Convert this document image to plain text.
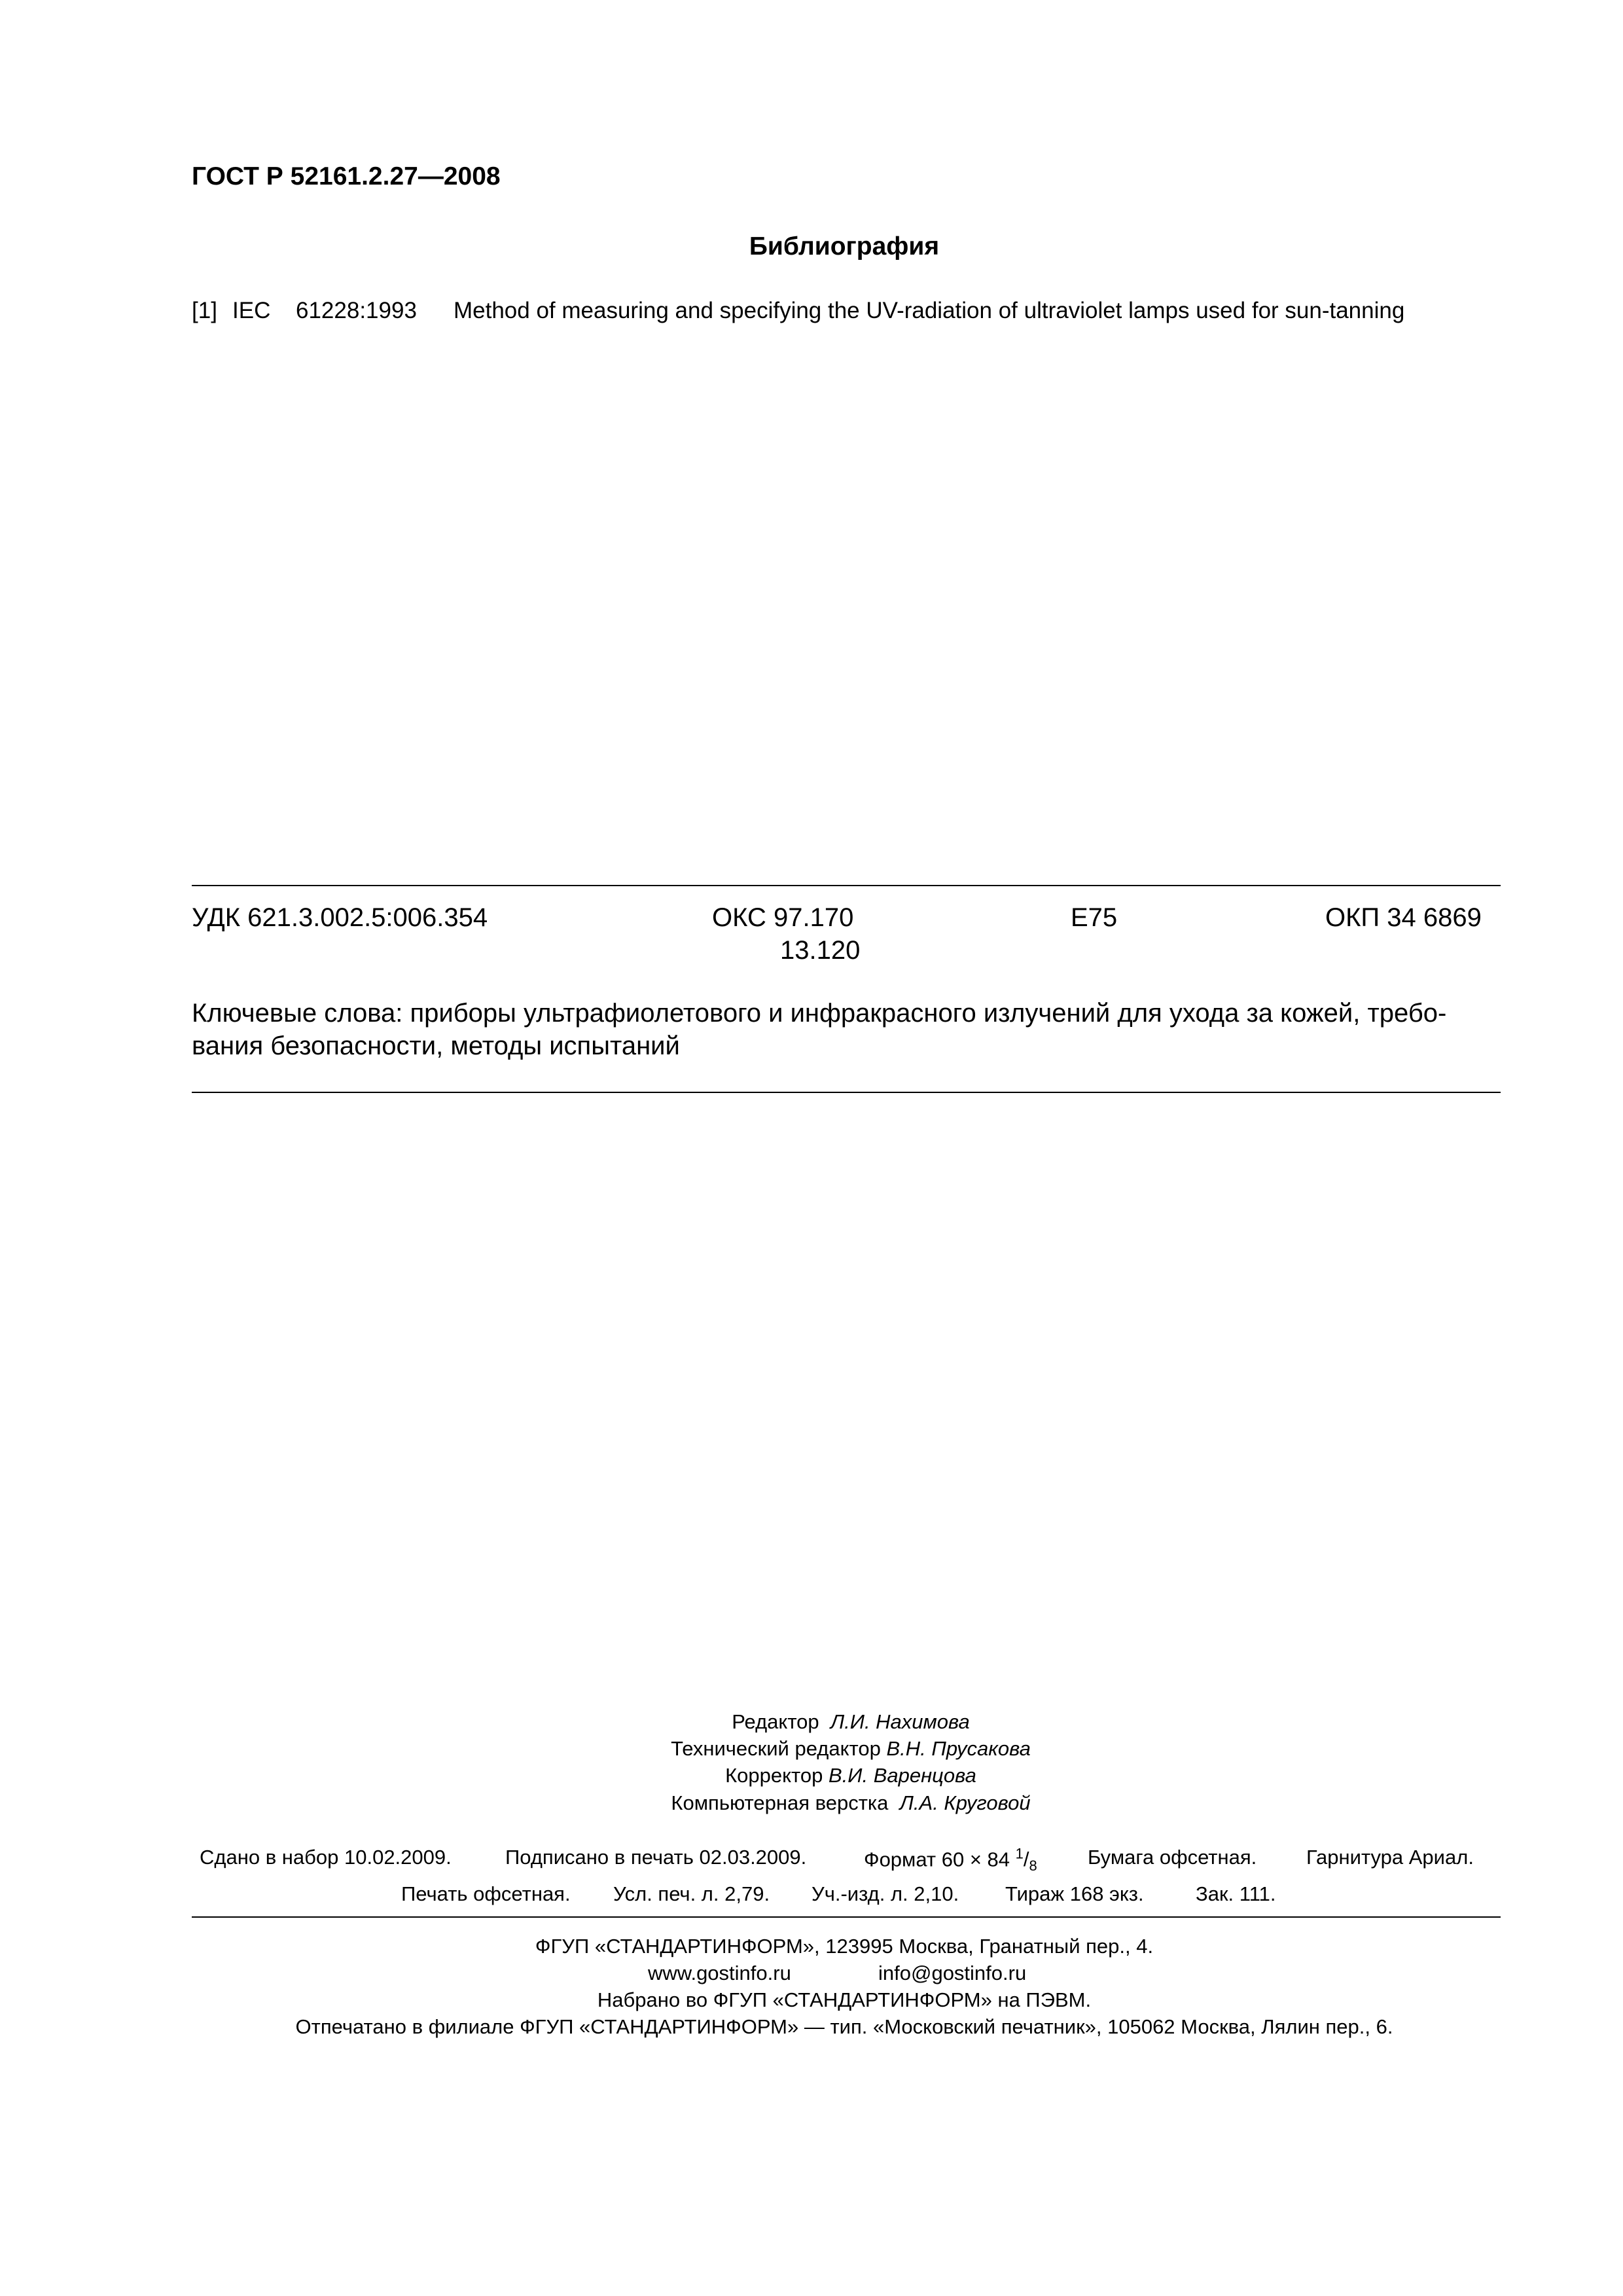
ГОСТ Р 52161.2.27—2008
Библиография
[1] IEC 61228:1993 Method of measuring and specifying the UV-radiation of ultraviolet lamps used for sun-tanning
УДК 621.3.002.5:006.354	ОКС 97.170
13.120
Е75	ОКП 34 6869
Ключевые слова: приборы ультрафиолетового и инфракрасного излучений для ухода за кожей, требо-
вания безопасности, методы испытаний
Редактор Л.И. Нахимова
Технический редактор В.Н. Прусакова
Корректор В.И. Варенцова
Компьютерная верстка Л.А. Круговой
Сдано в набор 10.02.2009.	Подписано в печать 02.03.2009.	Формат 60 × 84 $^1/_8$ Бумага офсетная. Гарнитура Ариал.
Печать офсетная. Усл. печ. л. 2,79. Уч.-изд. л. 2,10. Тираж 168 экз.	Зак. 111.
ФГУП «СТАНДАРТИНФОРМ», 123995 Москва, Гранатный пер., 4.
www.gostinfo.ru	info@gostinfo.ru
Набрано во ФГУП «СТАНДАРТИНФОРМ» на ПЭВМ.
Отпечатано в филиале ФГУП «СТАНДАРТИНФОРМ» — тип. «Московский печатник», 105062 Москва, Лялин пер., 6.
